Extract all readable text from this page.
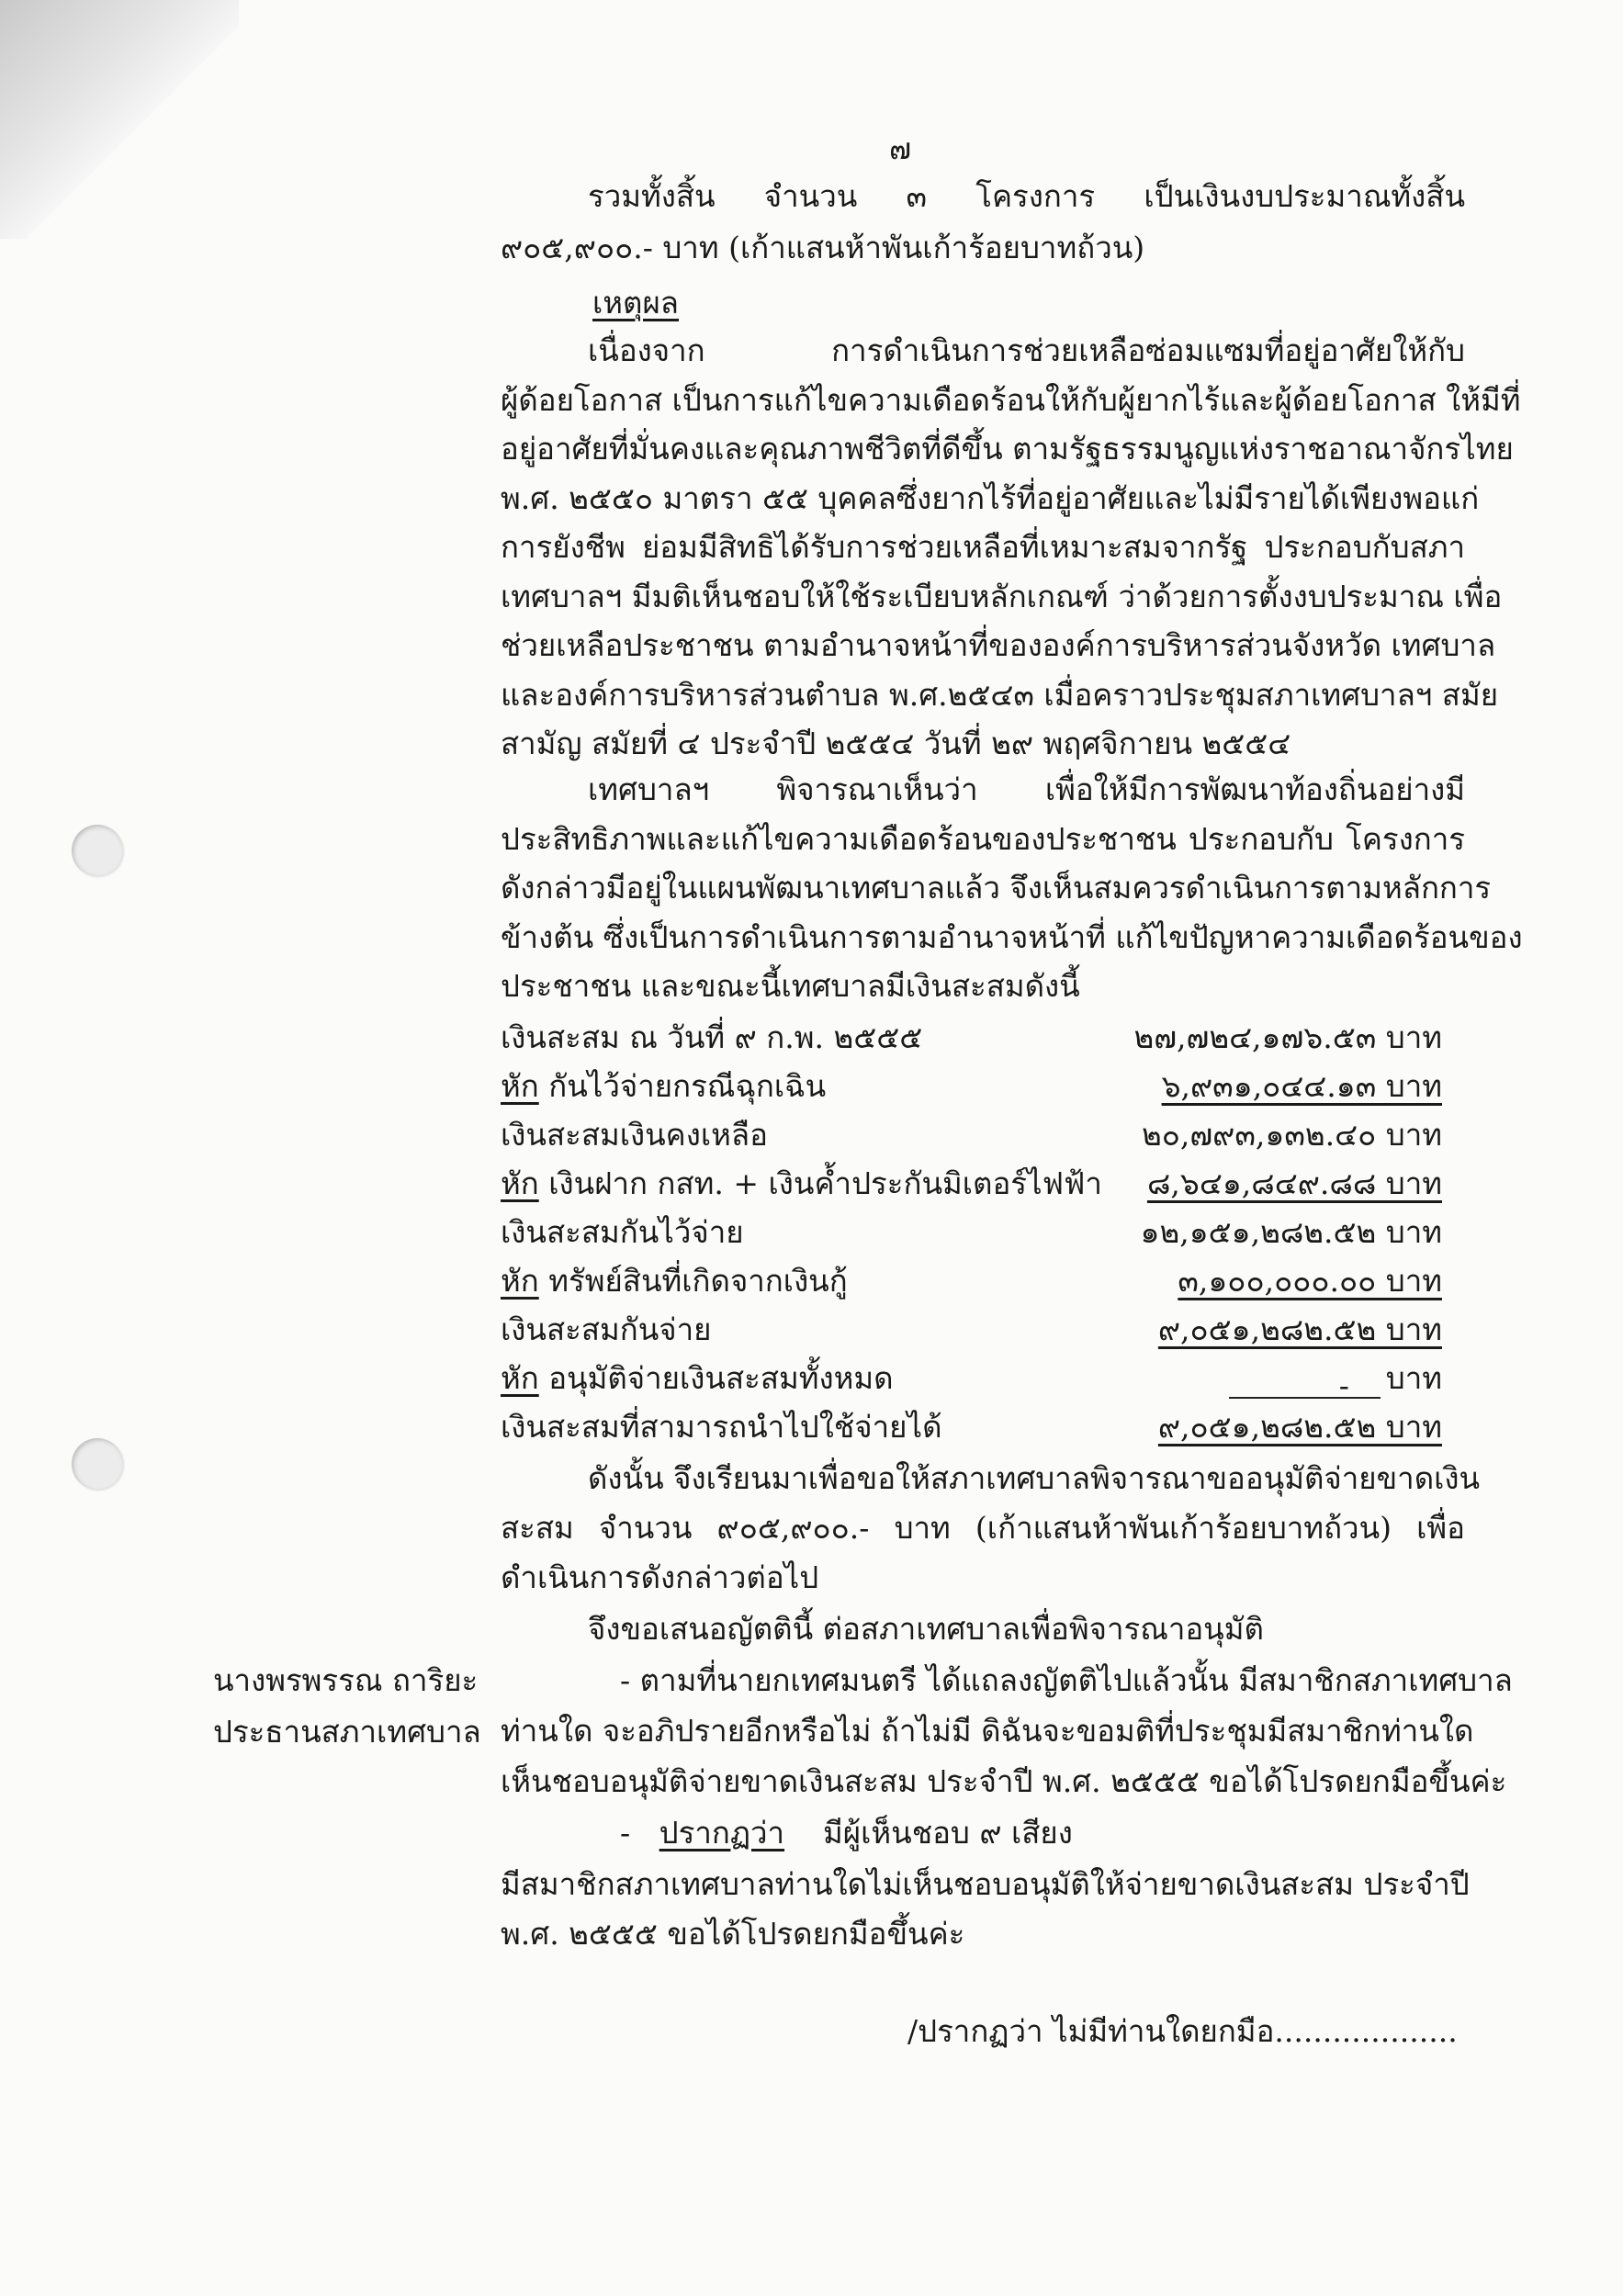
๗
รวมทั้งสิ้น จำนวน ๓ โครงการ เป็นเงินงบประมาณทั้งสิ้น
๙๐๕,๙๐๐.- บาท (เก้าแสนห้าพันเก้าร้อยบาทถ้วน)
เหตุผล
เนื่องจาก การดำเนินการช่วยเหลือซ่อมแซมที่อยู่อาศัยให้กับ
ผู้ด้อยโอกาส เป็นการแก้ไขความเดือดร้อนให้กับผู้ยากไร้และผู้ด้อยโอกาส ให้มีที่
อยู่อาศัยที่มั่นคงและคุณภาพชีวิตที่ดีขึ้น ตามรัฐธรรมนูญแห่งราชอาณาจักรไทย
พ.ศ. ๒๕๕๐ มาตรา ๕๕ บุคคลซึ่งยากไร้ที่อยู่อาศัยและไม่มีรายได้เพียงพอแก่
การยังชีพ ย่อมมีสิทธิได้รับการช่วยเหลือที่เหมาะสมจากรัฐ ประกอบกับสภา
เทศบาลฯ มีมติเห็นชอบให้ใช้ระเบียบหลักเกณฑ์ ว่าด้วยการตั้งงบประมาณ เพื่อ
ช่วยเหลือประชาชน ตามอำนาจหน้าที่ขององค์การบริหารส่วนจังหวัด เทศบาล
และองค์การบริหารส่วนตำบล พ.ศ.๒๕๔๓ เมื่อคราวประชุมสภาเทศบาลฯ สมัย
สามัญ สมัยที่ ๔ ประจำปี ๒๕๕๔ วันที่ ๒๙ พฤศจิกายน ๒๕๕๔
เทศบาลฯ พิจารณาเห็นว่า เพื่อให้มีการพัฒนาท้องถิ่นอย่างมี
ประสิทธิภาพและแก้ไขความเดือดร้อนของประชาชน ประกอบกับ โครงการ
ดังกล่าวมีอยู่ในแผนพัฒนาเทศบาลแล้ว จึงเห็นสมควรดำเนินการตามหลักการ
ข้างต้น ซึ่งเป็นการดำเนินการตามอำนาจหน้าที่ แก้ไขปัญหาความเดือดร้อนของ
ประชาชน และขณะนี้เทศบาลมีเงินสะสมดังนี้
เงินสะสม ณ วันที่ ๙ ก.พ. ๒๕๕๕	๒๗,๗๒๔,๑๗๖.๕๓ บาท
หัก กันไว้จ่ายกรณีฉุกเฉิน	๖,๙๓๑,๐๔๔.๑๓ บาท
เงินสะสมเงินคงเหลือ	๒๐,๗๙๓,๑๓๒.๔๐ บาท
หัก เงินฝาก กสท. + เงินค้ำประกันมิเตอร์ไฟฟ้า	๘,๖๔๑,๘๔๙.๘๘ บาท
เงินสะสมกันไว้จ่าย	๑๒,๑๕๑,๒๘๒.๕๒ บาท
หัก ทรัพย์สินที่เกิดจากเงินกู้	๓,๑๐๐,๐๐๐.๐๐ บาท
เงินสะสมกันจ่าย	๙,๐๕๑,๒๘๒.๕๒ บาท
หัก อนุมัติจ่ายเงินสะสมทั้งหมด	- บาท
เงินสะสมที่สามารถนำไปใช้จ่ายได้	๙,๐๕๑,๒๘๒.๕๒ บาท
ดังนั้น จึงเรียนมาเพื่อขอให้สภาเทศบาลพิจารณาขออนุมัติจ่ายขาดเงิน
สะสม จำนวน ๙๐๕,๙๐๐.- บาท (เก้าแสนห้าพันเก้าร้อยบาทถ้วน) เพื่อ
ดำเนินการดังกล่าวต่อไป
จึงขอเสนอญัตตินี้ ต่อสภาเทศบาลเพื่อพิจารณาอนุมัติ
นางพรพรรณ ถาริยะ
ประธานสภาเทศบาล
- ตามที่นายกเทศมนตรี ได้แถลงญัตติไปแล้วนั้น มีสมาชิกสภาเทศบาล
ท่านใด จะอภิปรายอีกหรือไม่ ถ้าไม่มี ดิฉันจะขอมติที่ประชุมมีสมาชิกท่านใด
เห็นชอบอนุมัติจ่ายขาดเงินสะสม ประจำปี พ.ศ. ๒๕๕๕ ขอได้โปรดยกมือขึ้นค่ะ
- ปรากฏว่า มีผู้เห็นชอบ ๙ เสียง
มีสมาชิกสภาเทศบาลท่านใดไม่เห็นชอบอนุมัติให้จ่ายขาดเงินสะสม ประจำปี
พ.ศ. ๒๕๕๕ ขอได้โปรดยกมือขึ้นค่ะ
/ปรากฏว่า ไม่มีท่านใดยกมือ...................
